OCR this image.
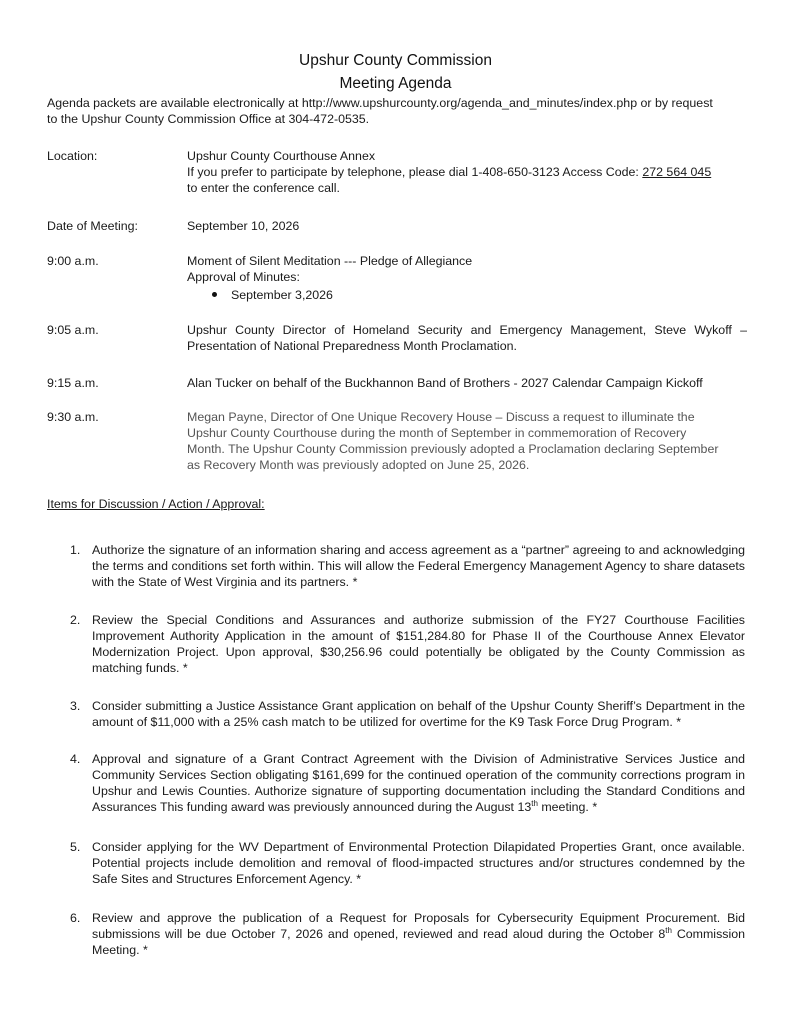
Upshur County Commission
Meeting Agenda
Agenda packets are available electronically at http://www.upshurcounty.org/agenda_and_minutes/index.php or by request
to the Upshur County Commission Office at 304-472-0535.
Location:	Upshur County Courthouse Annex
If you prefer to participate by telephone, please dial 1-408-650-3123 Access Code: 272 564 045
to enter the conference call.
Date of Meeting:	September 10, 2026
9:00 a.m.	Moment of Silent Meditation --- Pledge of Allegiance
Approval of Minutes:
September 3,2026
9:05 a.m.	Upshur County Director of Homeland Security and Emergency Management, Steve Wykoff –
Presentation of National Preparedness Month Proclamation.
9:15 a.m.	Alan Tucker on behalf of the Buckhannon Band of Brothers - 2027 Calendar Campaign Kickoff
9:30 a.m.	Megan Payne, Director of One Unique Recovery House – Discuss a request to illuminate the
Upshur County Courthouse during the month of September in commemoration of Recovery
Month. The Upshur County Commission previously adopted a Proclamation declaring September
as Recovery Month was previously adopted on June 25, 2026.
Items for Discussion / Action / Approval:
1. Authorize the signature of an information sharing and access agreement as a “partner” agreeing to and acknowledging the terms and conditions set forth within. This will allow the Federal Emergency Management Agency to share datasets with the State of West Virginia and its partners. *
2. Review the Special Conditions and Assurances and authorize submission of the FY27 Courthouse Facilities Improvement Authority Application in the amount of $151,284.80 for Phase II of the Courthouse Annex Elevator Modernization Project. Upon approval, $30,256.96 could potentially be obligated by the County Commission as matching funds. *
3. Consider submitting a Justice Assistance Grant application on behalf of the Upshur County Sheriff’s Department in the amount of $11,000 with a 25% cash match to be utilized for overtime for the K9 Task Force Drug Program. *
4. Approval and signature of a Grant Contract Agreement with the Division of Administrative Services Justice and Community Services Section obligating $161,699 for the continued operation of the community corrections program in Upshur and Lewis Counties. Authorize signature of supporting documentation including the Standard Conditions and Assurances This funding award was previously announced during the August 13th meeting. *
5. Consider applying for the WV Department of Environmental Protection Dilapidated Properties Grant, once available. Potential projects include demolition and removal of flood-impacted structures and/or structures condemned by the Safe Sites and Structures Enforcement Agency. *
6. Review and approve the publication of a Request for Proposals for Cybersecurity Equipment Procurement. Bid submissions will be due October 7, 2026 and opened, reviewed and read aloud during the October 8th Commission Meeting. *
